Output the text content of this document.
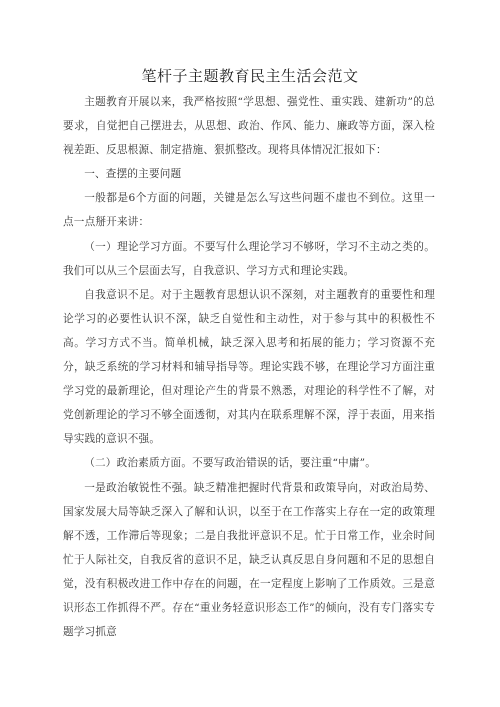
笔杆子主题教育民主生活会范文

主题教育开展以来，我严格按照“学思想、强党性、重实践、建新功”的总要求，自觉把自己摆进去，从思想、政治、作风、能力、廉政等方面，深入检视差距、反思根源、制定措施、狠抓整改。现将具体情况汇报如下：

一、查摆的主要问题

一般都是6个方面的问题，关键是怎么写这些问题不虚也不到位。这里一点一点掰开来讲：

（一）理论学习方面。不要写什么理论学习不够呀，学习不主动之类的。我们可以从三个层面去写，自我意识、学习方式和理论实践。

自我意识不足。对于主题教育思想认识不深刻，对主题教育的重要性和理论学习的必要性认识不深，缺乏自觉性和主动性，对于参与其中的积极性不高。学习方式不当。简单机械，缺乏深入思考和拓展的能力；学习资源不充分，缺乏系统的学习材料和辅导指导等。理论实践不够，在理论学习方面注重学习党的最新理论，但对理论产生的背景不熟悉，对理论的科学性不了解，对党创新理论的学习不够全面透彻，对其内在联系理解不深，浮于表面，用来指导实践的意识不强。

（二）政治素质方面。不要写政治错误的话，要注重“中庸”。

一是政治敏锐性不强。缺乏精准把握时代背景和政策导向，对政治局势、国家发展大局等缺乏深入了解和认识，以至于在工作落实上存在一定的政策理解不透，工作滞后等现象；二是自我批评意识不足。忙于日常工作，业余时间忙于人际社交，自我反省的意识不足，缺乏认真反思自身问题和不足的思想自觉，没有积极改进工作中存在的问题，在一定程度上影响了工作质效。三是意识形态工作抓得不严。存在“重业务轻意识形态工作”的倾向，没有专门落实专题学习抓意
